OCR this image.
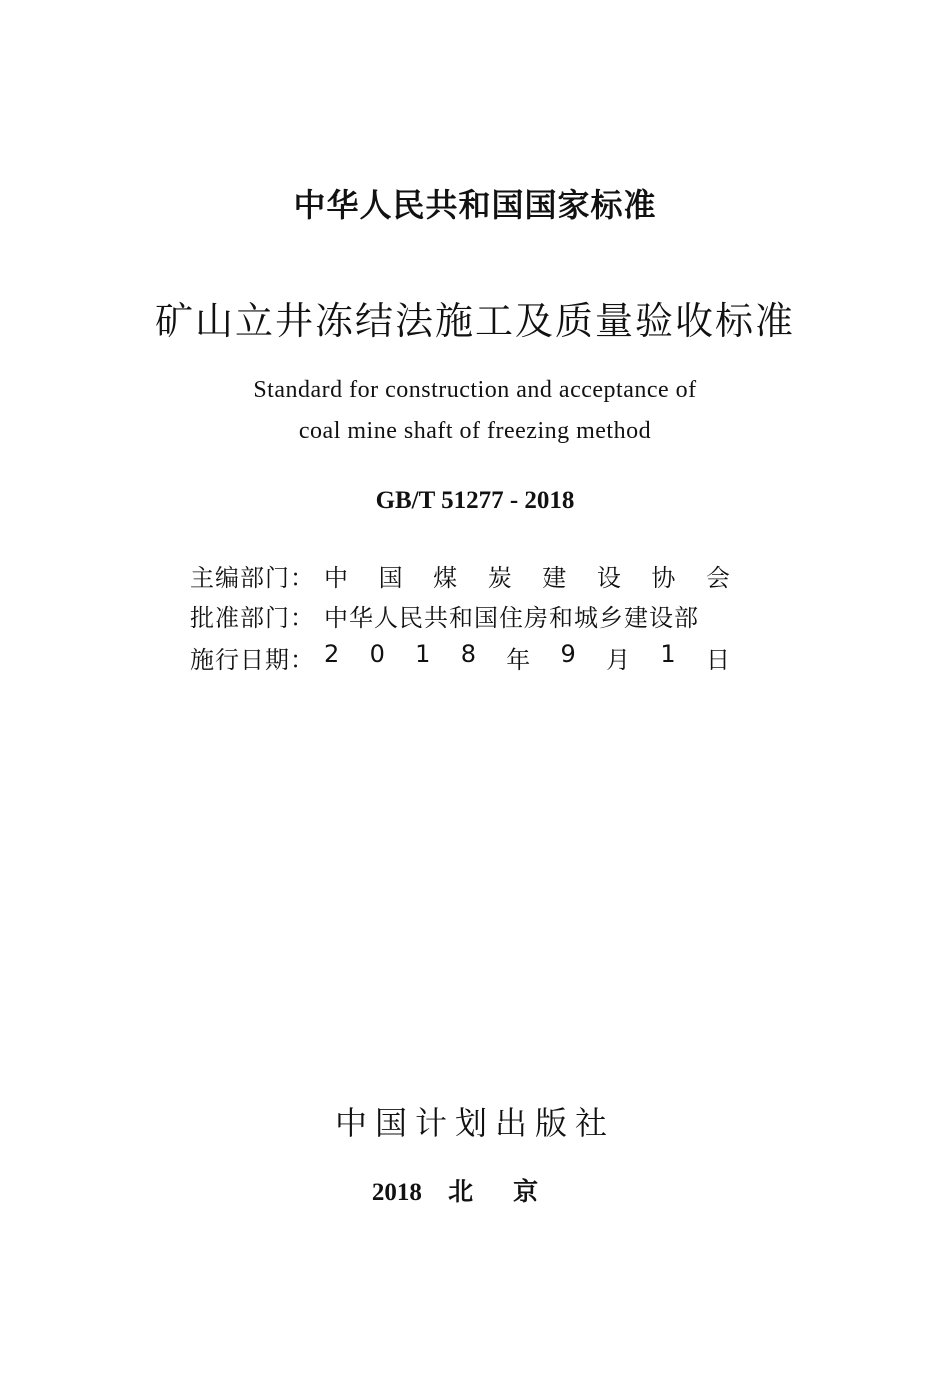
中华人民共和国国家标准
矿山立井冻结法施工及质量验收标准
Standard for construction and acceptance of
coal mine shaft of freezing method
GB/T 51277 - 2018
主编部门： 中 国 煤 炭 建 设 协 会
批准部门： 中华人民共和国住房和城乡建设部
施行日期： 2 0 1 8 年 9 月 1 日
中国计划出版社
2018 北京
